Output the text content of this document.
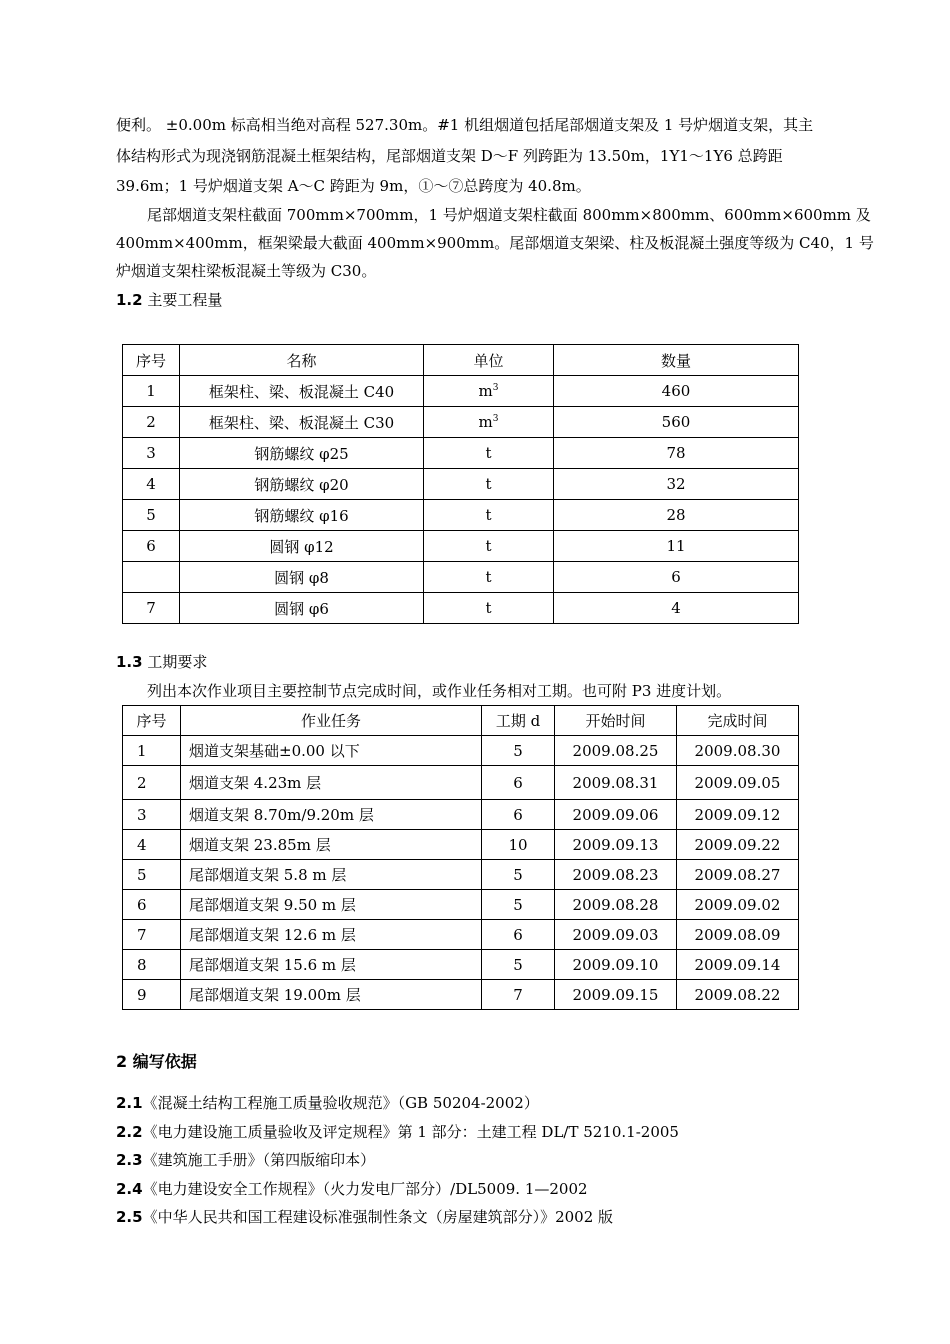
便利。 ±0.00m 标高相当绝对高程 527.30m。#1 机组烟道包括尾部烟道支架及 1 号炉烟道支架，其主

体结构形式为现浇钢筋混凝土框架结构，尾部烟道支架 D～F 列跨距为 13.50m，1Y1～1Y6 总跨距

39.6m；1 号炉烟道支架 A～C 跨距为 9m，①～⑦总跨度为 40.8m。

尾部烟道支架柱截面 700mm×700mm，1 号炉烟道支架柱截面 800mm×800mm、600mm×600mm 及

400mm×400mm，框架梁最大截面 400mm×900mm。尾部烟道支架梁、柱及板混凝土强度等级为 C40，1 号

炉烟道支架柱梁板混凝土等级为 C30。

1.2 主要工程量

序号	名称	单位	数量
1	框架柱、梁、板混凝土 C40	$m^3$	460
2	框架柱、梁、板混凝土 C30	$m^3$	560
3	钢筋螺纹 φ25	t	78
4	钢筋螺纹 φ20	t	32
5	钢筋螺纹 φ16	t	28
6	圆钢 φ12	t	11
	圆钢 φ8	t	6
7	圆钢 φ6	t	4

1.3 工期要求

列出本次作业项目主要控制节点完成时间，或作业任务相对工期。也可附 P3 进度计划。

序号	作业任务	工期 d	开始时间	完成时间
1	烟道支架基础±0.00 以下	5	2009.08.25	2009.08.30
2	烟道支架 4.23m 层	6	2009.08.31	2009.09.05
3	烟道支架 8.70m/9.20m 层	6	2009.09.06	2009.09.12
4	烟道支架 23.85m 层	10	2009.09.13	2009.09.22
5	尾部烟道支架 5.8 m 层	5	2009.08.23	2009.08.27
6	尾部烟道支架 9.50 m 层	5	2009.08.28	2009.09.02
7	尾部烟道支架 12.6 m 层	6	2009.09.03	2009.08.09
8	尾部烟道支架 15.6 m 层	5	2009.09.10	2009.09.14
9	尾部烟道支架 19.00m 层	7	2009.09.15	2009.08.22

2 编写依据

2.1《混凝土结构工程施工质量验收规范》（GB 50204-2002）

2.2《电力建设施工质量验收及评定规程》第 1 部分：土建工程 DL/T 5210.1-2005

2.3《建筑施工手册》（第四版缩印本）

2.4《电力建设安全工作规程》（火力发电厂部分）/DL5009. 1—2002

2.5《中华人民共和国工程建设标准强制性条文（房屋建筑部分）》2002 版
